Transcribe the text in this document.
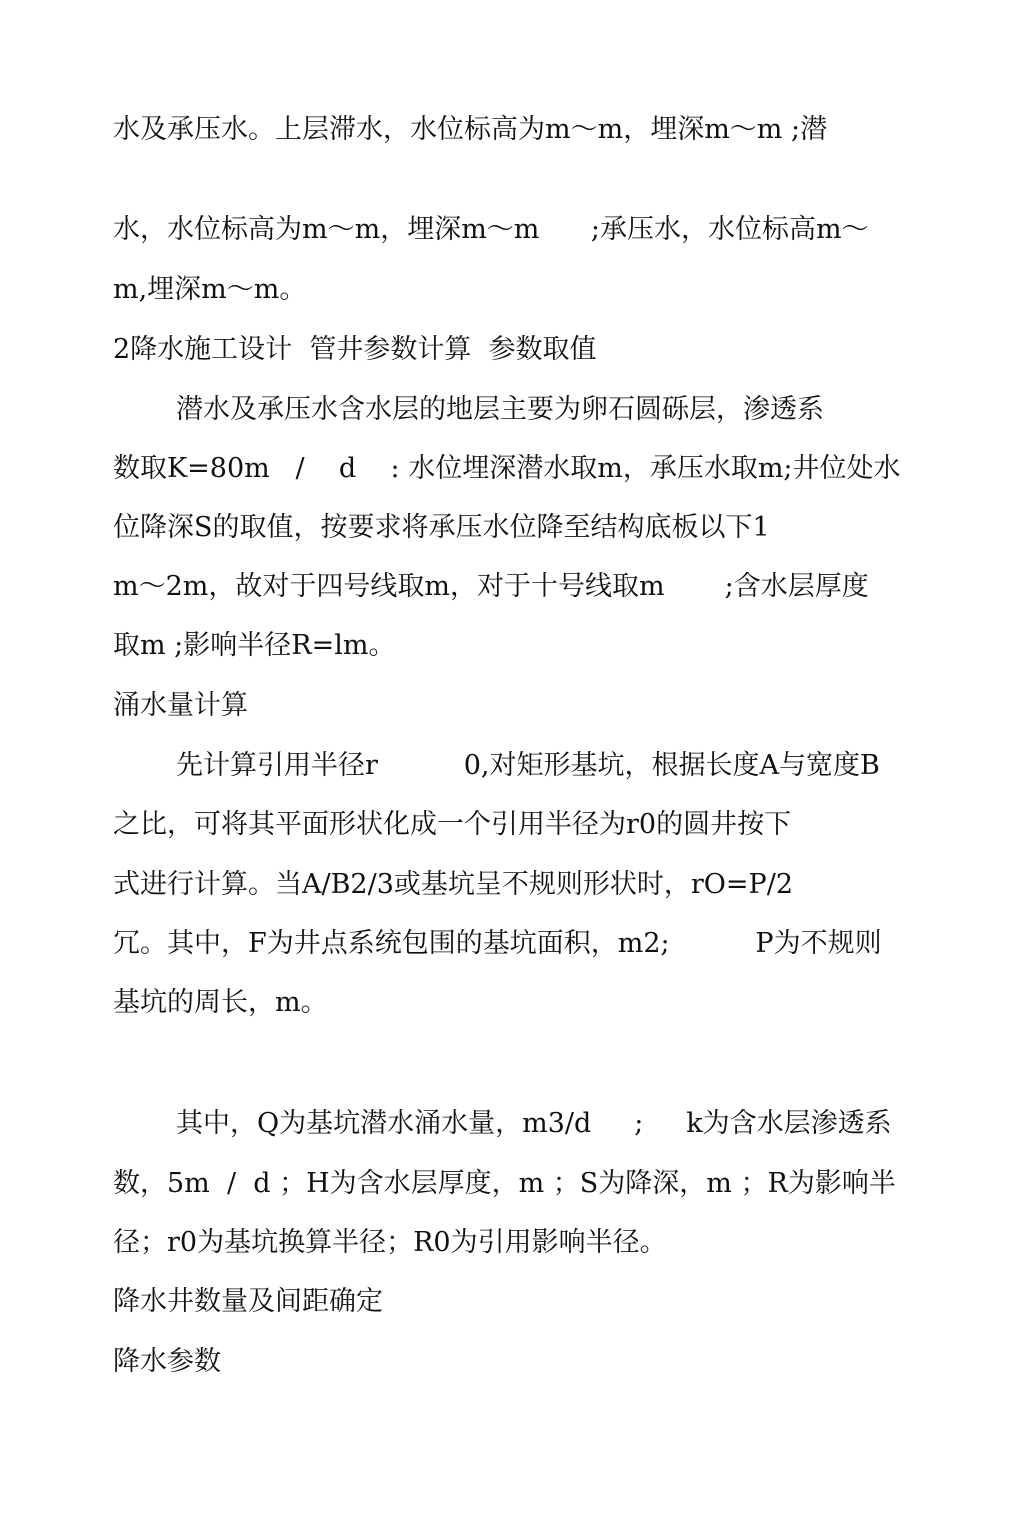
水及承压水。上层滞水，水位标高为m～m，埋深m～m ;潜
水，水位标高为m～m，埋深m～m      ;承压水，水位标高m～
m,埋深m～m。
2降水施工设计  管井参数计算  参数取值
潜水及承压水含水层的地层主要为卵石圆砾层，渗透系
数取K=80m   /    d    : 水位埋深潜水取m，承压水取m;井位处水
位降深S的取值，按要求将承压水位降至结构底板以下1
m～2m，故对于四号线取m，对于十号线取m       ;含水层厚度
取m ;影响半径R=lm。
涌水量计算
先计算引用半径r          0,对矩形基坑，根据长度A与宽度B
之比，可将其平面形状化成一个引用半径为r0的圆井按下
式进行计算。当A/B2/3或基坑呈不规则形状时，rO=P/2
冗。其中，F为井点系统包围的基坑面积，m2;          P为不规则
基坑的周长，m。
其中，Q为基坑潜水涌水量，m3/d     ;     k为含水层渗透系
数，5m  /  d ；H为含水层厚度，m ；S为降深，m ；R为影响半
径；r0为基坑换算半径；R0为引用影响半径。
降水井数量及间距确定
降水参数
